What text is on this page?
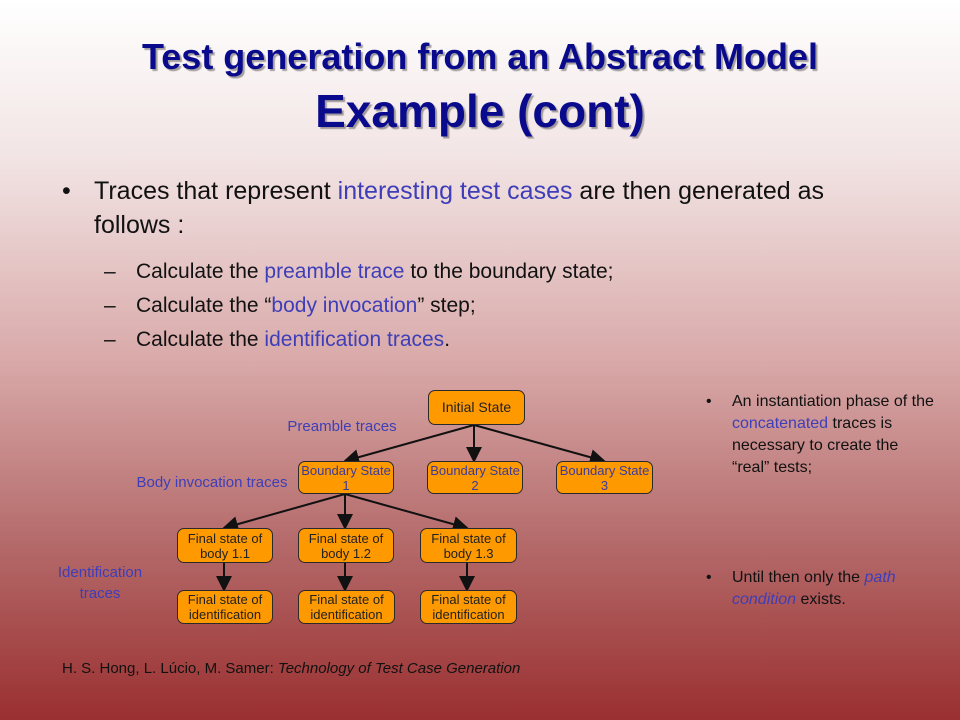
Test generation from an Abstract Model
Example (cont)
• Traces that represent interesting test cases are then generated as follows :
– Calculate the preamble trace to the boundary state;
– Calculate the “body invocation” step;
– Calculate the identification traces.
Initial State
Boundary State 1
Boundary State 2
Boundary State 3
Final state of body 1.1
Final state of body 1.2
Final state of body 1.3
Final state of identification
Final state of identification
Final state of identification
Preamble traces
Body invocation traces
Identification traces
• An instantiation phase of the concatenated traces is necessary to create the “real” tests;
• Until then only the path condition exists.
H. S. Hong, L. Lúcio, M. Samer: Technology of Test Case Generation
